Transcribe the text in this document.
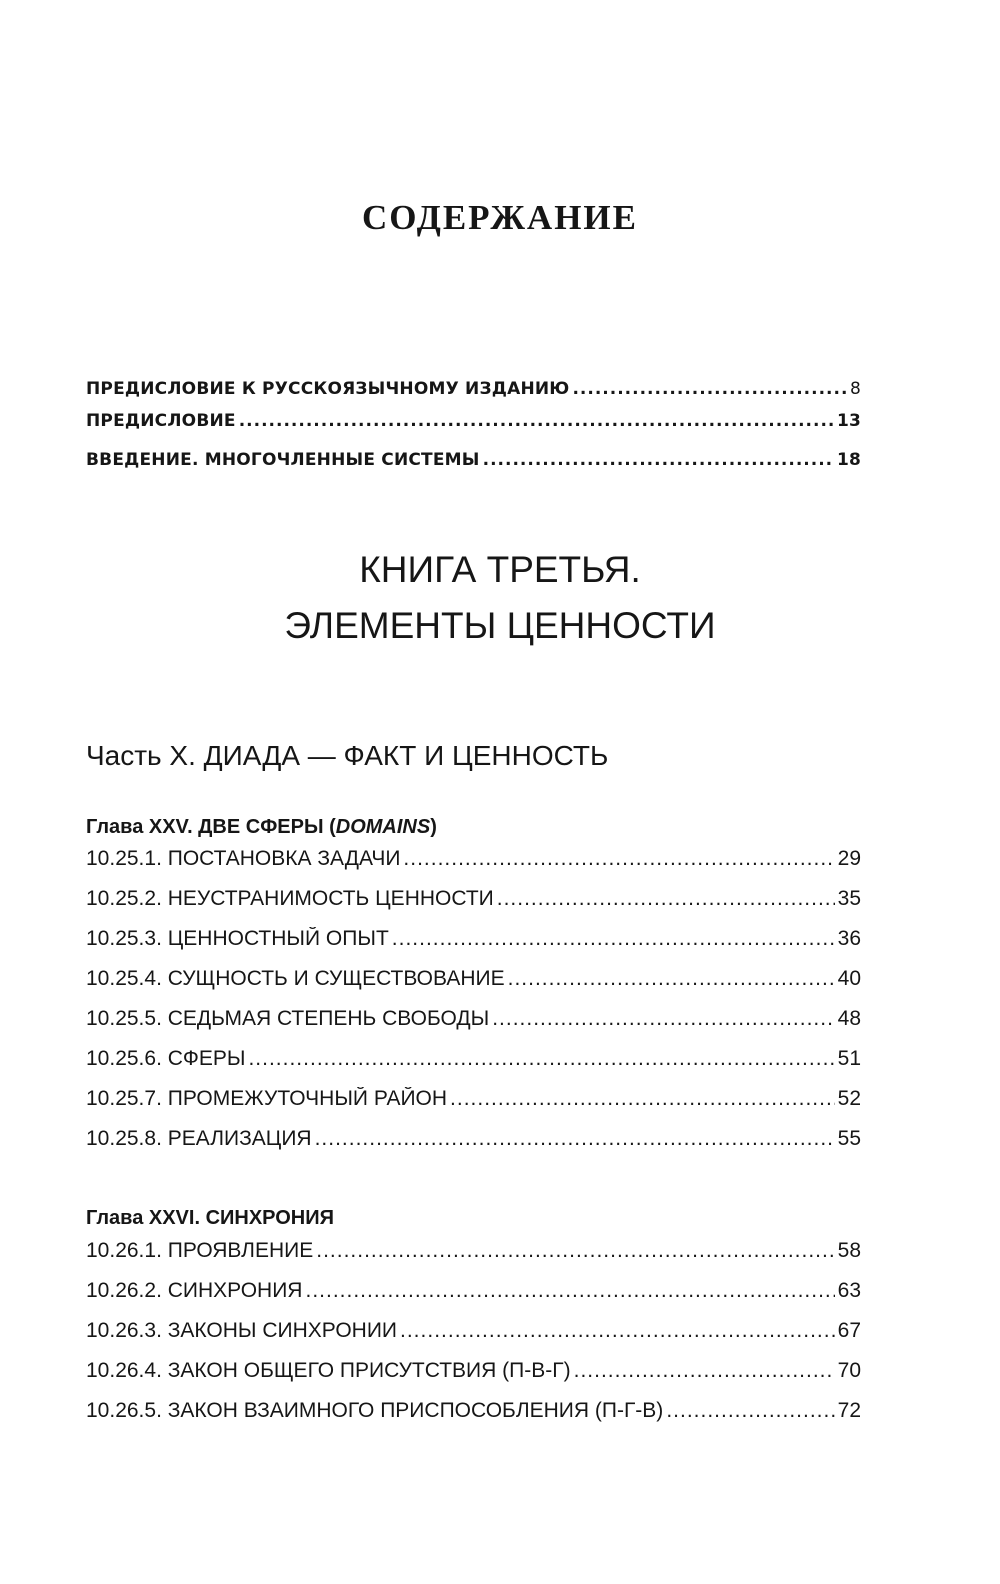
СОДЕРЖАНИЕ
ПРЕДИСЛОВИЕ К РУССКОЯЗЫЧНОМУ ИЗДАНИЮ .....	8
ПРЕДИСЛОВИЕ .....	13
ВВЕДЕНИЕ. МНОГОЧЛЕННЫЕ СИСТЕМЫ .....	18
КНИГА ТРЕТЬЯ.
ЭЛЕМЕНТЫ ЦЕННОСТИ
Часть X. ДИАДА — ФАКТ И ЦЕННОСТЬ
Глава XXV. ДВЕ СФЕРЫ (DOMAINS)
10.25.1. ПОСТАНОВКА ЗАДАЧИ .....	29
10.25.2. НЕУСТРАНИМОСТЬ ЦЕННОСТИ .....	35
10.25.3. ЦЕННОСТНЫЙ ОПЫТ .....	36
10.25.4. СУЩНОСТЬ И СУЩЕСТВОВАНИЕ .....	40
10.25.5. СЕДЬМАЯ СТЕПЕНЬ СВОБОДЫ .....	48
10.25.6. СФЕРЫ .....	51
10.25.7. ПРОМЕЖУТОЧНЫЙ РАЙОН .....	52
10.25.8. РЕАЛИЗАЦИЯ .....	55
Глава XXVI. СИНХРОНИЯ
10.26.1. ПРОЯВЛЕНИЕ .....	58
10.26.2. СИНХРОНИЯ .....	63
10.26.3. ЗАКОНЫ СИНХРОНИИ .....	67
10.26.4. ЗАКОН ОБЩЕГО ПРИСУТСТВИЯ (П-В-Г) .....	70
10.26.5. ЗАКОН ВЗАИМНОГО ПРИСПОСОБЛЕНИЯ (П-Г-В) .....	72
